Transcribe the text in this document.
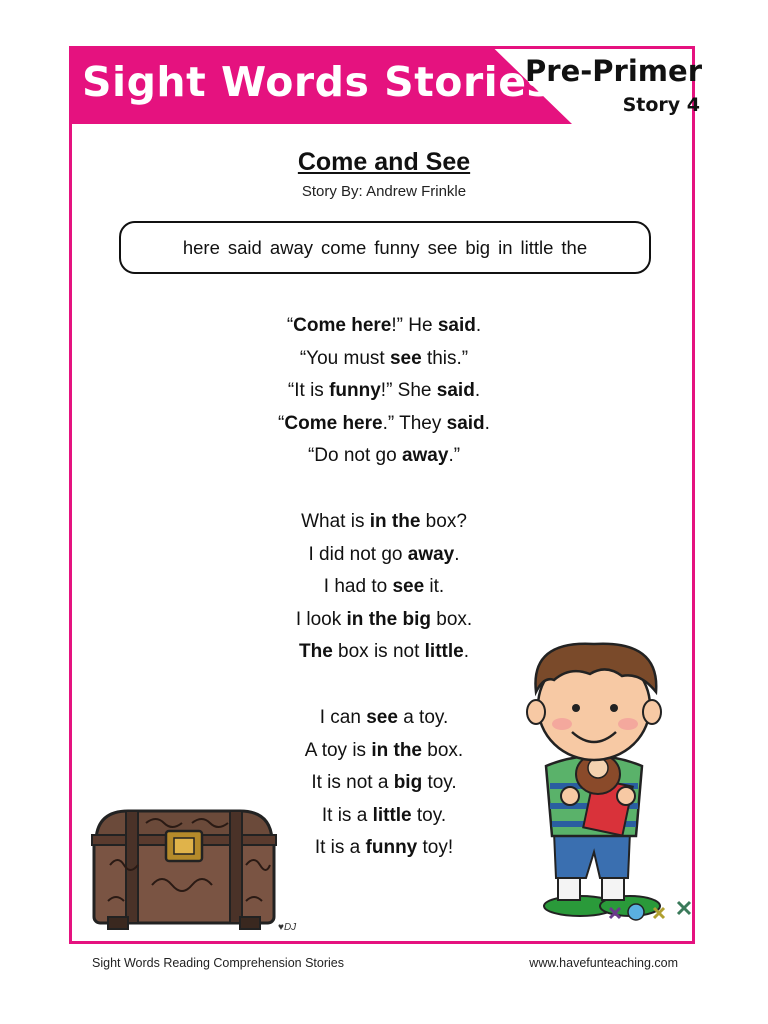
Sight Words Stories
Pre-Primer
Story 4
Come and See
Story By: Andrew Frinkle
here said away come funny see big in little the
“Come here!” He said.
“You must see this.”
“It is funny!” She said.
“Come here.” They said.
“Do not go away.”
What is in the box?
I did not go away.
I had to see it.
I look in the big box.
The box is not little.
I can see a toy.
A toy is in the box.
It is not a big toy.
It is a little toy.
It is a funny toy!
♥DJ
Sight Words Reading Comprehension Stories	www.havefunteaching.com
